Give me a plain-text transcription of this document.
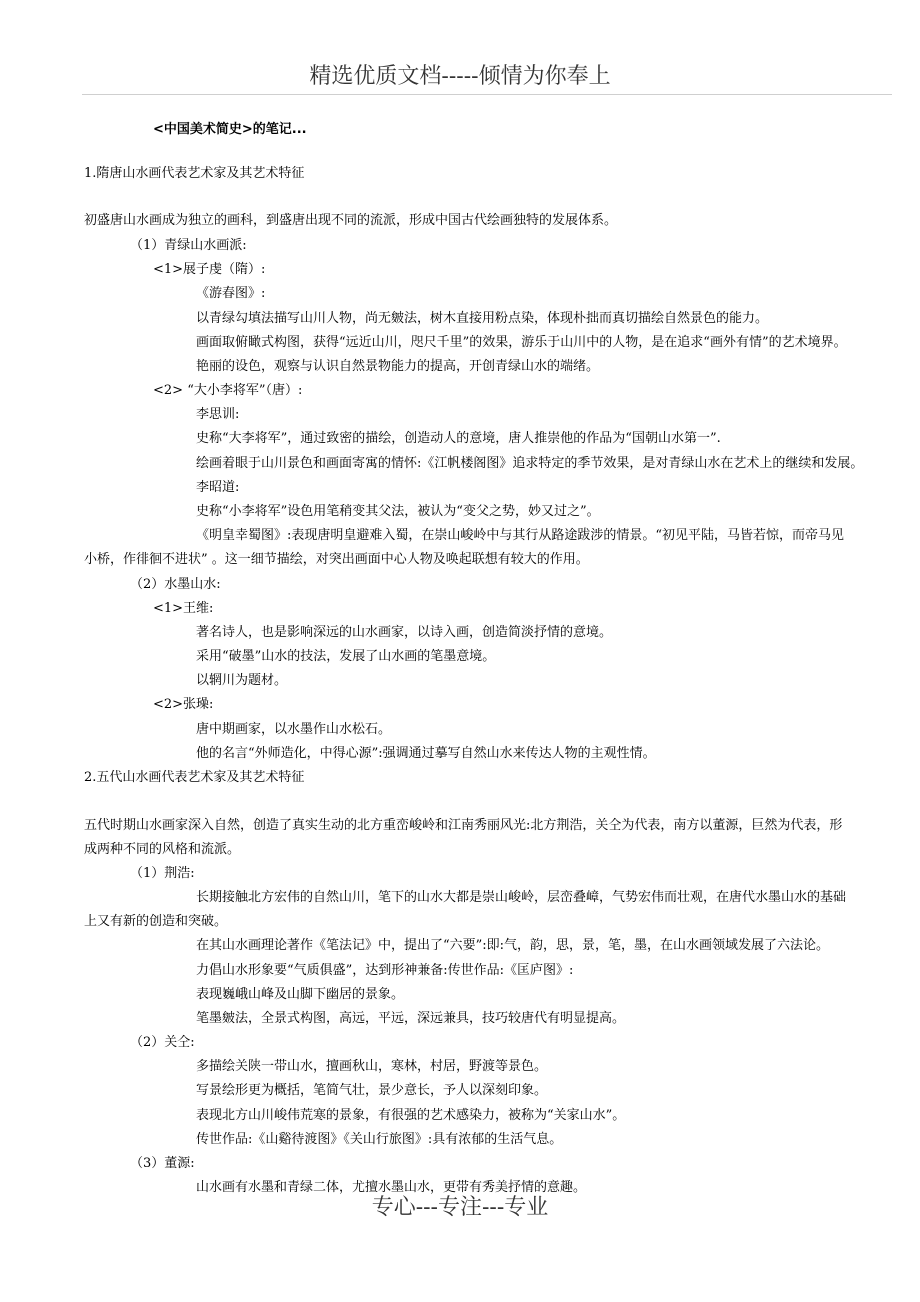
精选优质文档-----倾情为你奉上
<中国美术简史>的笔记...
1.隋唐山水画代表艺术家及其艺术特征
初盛唐山水画成为独立的画科，到盛唐出现不同的流派，形成中国古代绘画独特的发展体系。
（1）青绿山水画派:
<1>展子虔（隋）:
《游春图》:
以青绿勾填法描写山川人物，尚无皴法，树木直接用粉点染，体现朴拙而真切描绘自然景色的能力。
画面取俯瞰式构图，获得“远近山川，咫尺千里”的效果，游乐于山川中的人物，是在追求“画外有情”的艺术境界。
艳丽的设色，观察与认识自然景物能力的提高，开创青绿山水的端绪。
<2> “大小李将军”（唐）:
李思训:
史称“大李将军”，通过致密的描绘，创造动人的意境，唐人推崇他的作品为“国朝山水第一”.
绘画着眼于山川景色和画面寄寓的情怀:《江帆楼阁图》追求特定的季节效果，是对青绿山水在艺术上的继续和发展。
李昭道:
史称“小李将军”设色用笔稍变其父法，被认为“变父之势，妙又过之”。
《明皇幸蜀图》:表现唐明皇避难入蜀，在崇山峻岭中与其行从路途跋涉的情景。“初见平陆，马皆若惊，而帝马见
小桥，作徘徊不进状” 。这一细节描绘，对突出画面中心人物及唤起联想有较大的作用。
（2）水墨山水:
<1>王维:
著名诗人，也是影响深远的山水画家，以诗入画，创造简淡抒情的意境。
采用“破墨”山水的技法，发展了山水画的笔墨意境。
以辋川为题材。
<2>张璪:
唐中期画家，以水墨作山水松石。
他的名言“外师造化，中得心源”:强调通过摹写自然山水来传达人物的主观性情。
2.五代山水画代表艺术家及其艺术特征
五代时期山水画家深入自然，创造了真实生动的北方重峦峻岭和江南秀丽风光:北方荆浩，关仝为代表，南方以董源，巨然为代表，形
成两种不同的风格和流派。
（1）荆浩:
长期接触北方宏伟的自然山川，笔下的山水大都是崇山峻岭，层峦叠嶂，气势宏伟而壮观，在唐代水墨山水的基础
上又有新的创造和突破。
在其山水画理论著作《笔法记》中，提出了“六要”:即:气，韵，思，景，笔，墨，在山水画领域发展了六法论。
力倡山水形象要“气质俱盛”，达到形神兼备:传世作品:《匡庐图》:
表现巍峨山峰及山脚下幽居的景象。
笔墨皴法，全景式构图，高远，平远，深远兼具，技巧较唐代有明显提高。
（2）关仝:
多描绘关陕一带山水，擅画秋山，寒林，村居，野渡等景色。
写景绘形更为概括，笔简气壮，景少意长，予人以深刻印象。
表现北方山川峻伟荒寒的景象，有很强的艺术感染力，被称为“关家山水”。
传世作品:《山谿待渡图》《关山行旅图》:具有浓郁的生活气息。
（3）董源:
山水画有水墨和青绿二体，尤擅水墨山水，更带有秀美抒情的意趣。
专心---专注---专业
